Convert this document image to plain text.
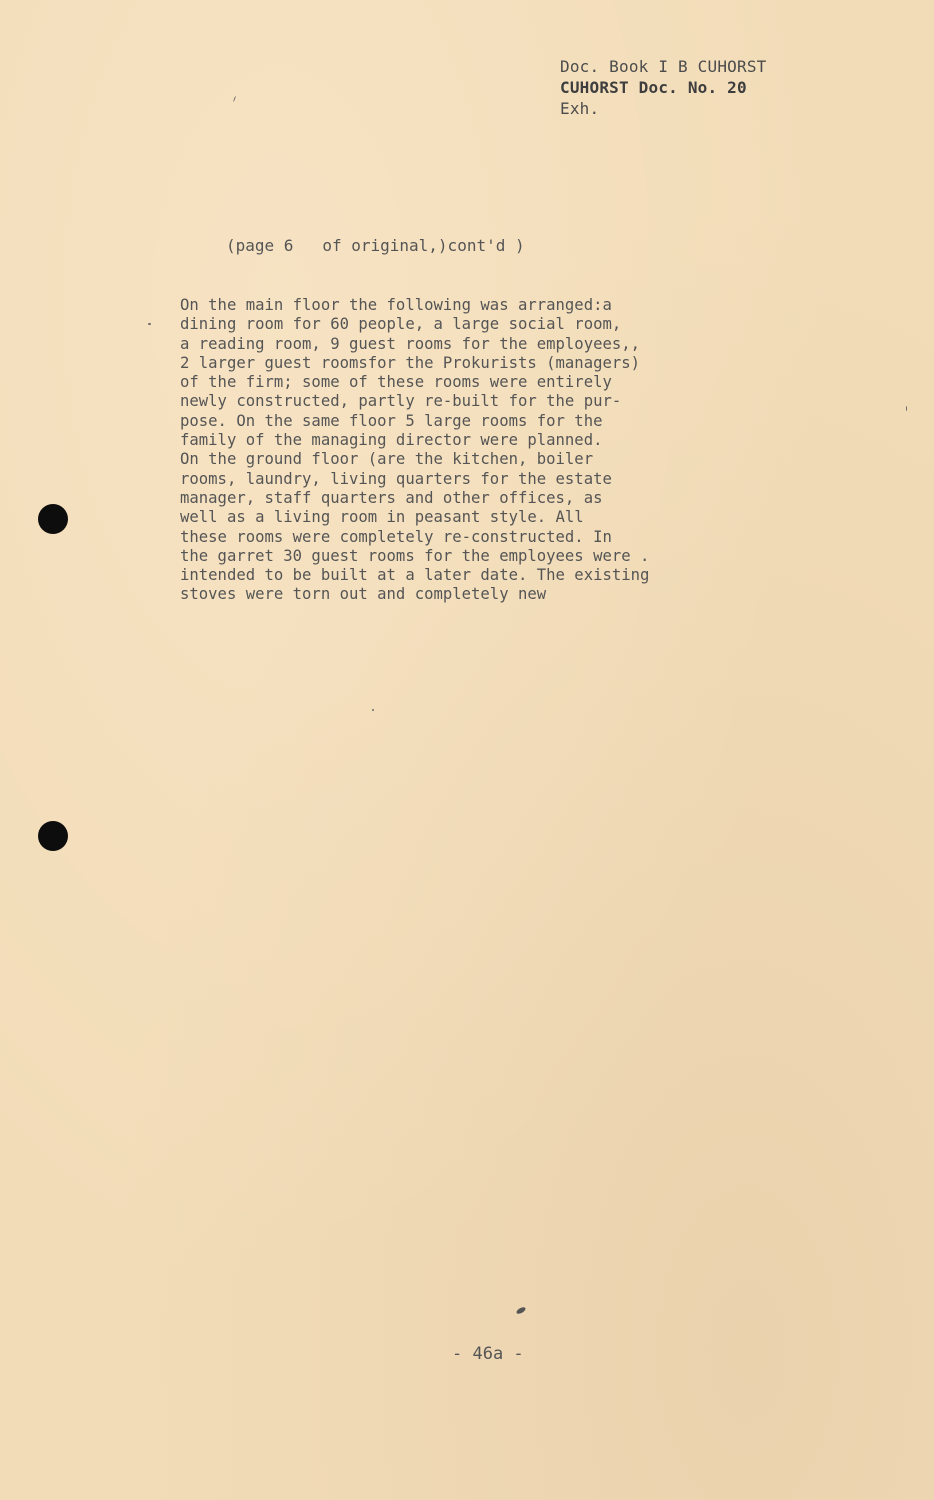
Doc. Book I B CUHORST
CUHORST Doc. No. 20
Exh.
(page 6   of original,)cont'd )
On the main floor the following was arranged:a
dining room for 60 people, a large social room,
a reading room, 9 guest rooms for the employees,,
2 larger guest roomsfor the Prokurists (managers)
of the firm; some of these rooms were entirely
newly constructed, partly re-built for the pur-
pose. On the same floor 5 large rooms for the
family of the managing director were planned.
On the ground floor (are the kitchen, boiler
rooms, laundry, living quarters for the estate
manager, staff quarters and other offices, as
well as a living room in peasant style. All
these rooms were completely re-constructed. In
the garret 30 guest rooms for the employees were .
intended to be built at a later date. The existing
stoves were torn out and completely new
- 46a -
